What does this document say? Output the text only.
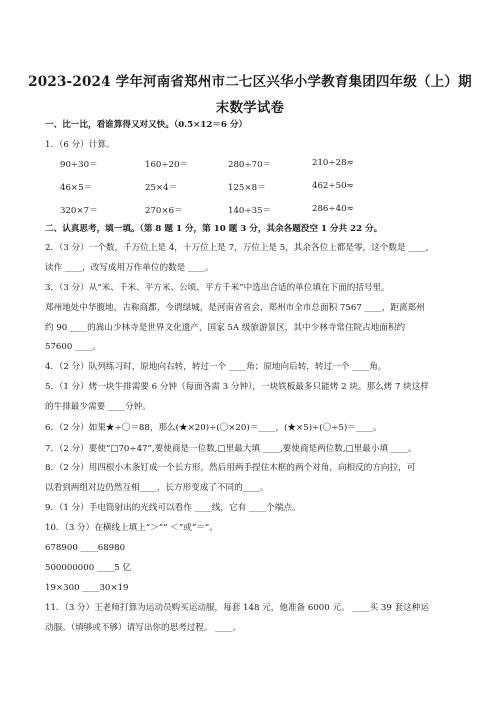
2023-2024 学年河南省郑州市二七区兴华小学教育集团四年级（上）期
末数学试卷
一、比一比，看谁算得又对又快。（0.5×12＝6 分）
1．（6 分）计算。
90÷30＝	160÷20＝	280÷70＝	210÷28≈
46×5＝	25×4＝	125×8＝	462÷50≈
320×7＝	270×6＝	140÷35＝	286÷40≈
二、认真思考，填一填。（第 8 题 1 分，第 10 题 3 分，其余各题没空 1 分共 22 分。
2．（3 分）一个数，千万位上是 4，十万位上是 7，万位上是 5，其余各位上都是零，这个数是 ____，
读作 ____，改写成用万作单位的数是 ____。
3．（3 分）从“米、千米、平方米、公顷、平方千米”中选出合适的单位填在下面的括号里。
郑州地处中华腹地，古称商都，今谓绿城，是河南省省会，郑州市全市总面积 7567 ____，距离郑州
约 90 ____的嵩山少林寺是世界文化遗产，国家 5A 级旅游景区，其中少林寺常住院占地面积约
57600 ____。
4．（2 分）队列练习时，原地向右转，转过一个 ____角；原地向后转，转过一个 ____角。
5．（1 分）烤一块牛排需要 6 分钟（每面各需 3 分钟），一块铁板最多只能烤 2 块。那么烤 7 块这样
的牛排最少需要 ____分钟。
6．（2 分）如果★÷〇＝88，那么(★×20)÷(〇×20)＝____，(★×5)÷(〇÷5)＝____。
7．（2 分）要使“□70÷47”,要使商是一位数,□里最大填 ____,要使商是两位数,□里最小填 ____。
8．（2 分）用四根小木条钉成一个长方形，然后用两手捏住木框的两个对角，向相反的方向拉，可
以看到两组对边仍然互相____，长方形变成了不同的____。
9．（1 分）手电筒射出的光线可以看作 ____线，它有 ____个端点。
10．（3 分）在横线上填上“＞”“ ＜”或“＝”。
678900 ____68980
500000000 ____5 亿
19×300 ____30×19
11．（3 分）王老师打算为运动员购买运动服，每套 148 元，他准备 6000 元。 ____买 39 套这种运
动服。（填够或不够）请写出你的思考过程。 ____。
